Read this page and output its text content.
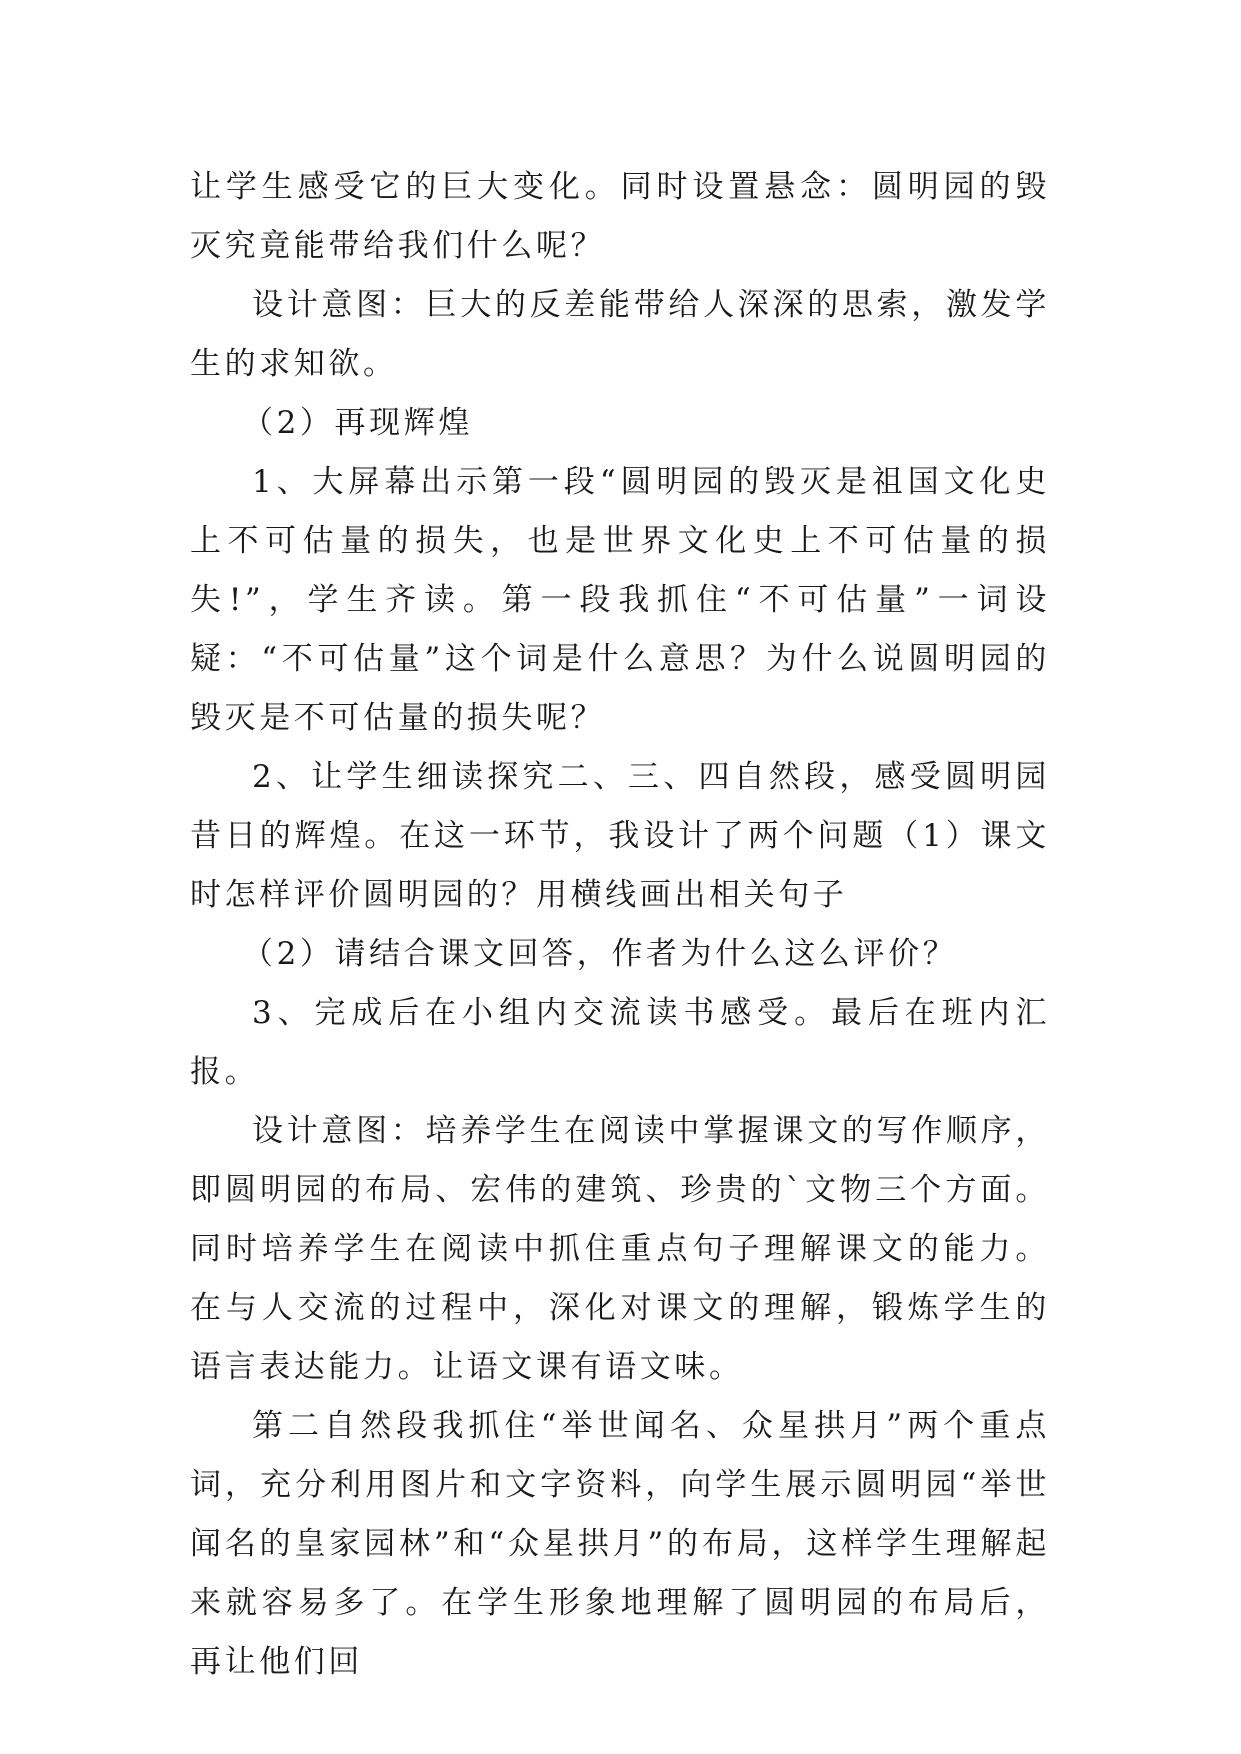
让学生感受它的巨大变化。同时设置悬念：圆明园的毁灭究竟能带给我们什么呢？

设计意图：巨大的反差能带给人深深的思索，激发学生的求知欲。

（2）再现辉煌

1、大屏幕出示第一段“圆明园的毁灭是祖国文化史上不可估量的损失，也是世界文化史上不可估量的损失!”，学生齐读。第一段我抓住“不可估量”一词设疑：“不可估量”这个词是什么意思？为什么说圆明园的毁灭是不可估量的损失呢？

2、让学生细读探究二、三、四自然段，感受圆明园昔日的辉煌。在这一环节，我设计了两个问题（1）课文时怎样评价圆明园的？用横线画出相关句子

（2）请结合课文回答，作者为什么这么评价？

3、完成后在小组内交流读书感受。最后在班内汇报。

设计意图：培养学生在阅读中掌握课文的写作顺序，即圆明园的布局、宏伟的建筑、珍贵的`文物三个方面。同时培养学生在阅读中抓住重点句子理解课文的能力。在与人交流的过程中，深化对课文的理解，锻炼学生的语言表达能力。让语文课有语文味。

第二自然段我抓住“举世闻名、众星拱月”两个重点词，充分利用图片和文字资料，向学生展示圆明园“举世闻名的皇家园林”和“众星拱月”的布局，这样学生理解起来就容易多了。在学生形象地理解了圆明园的布局后，再让他们回
